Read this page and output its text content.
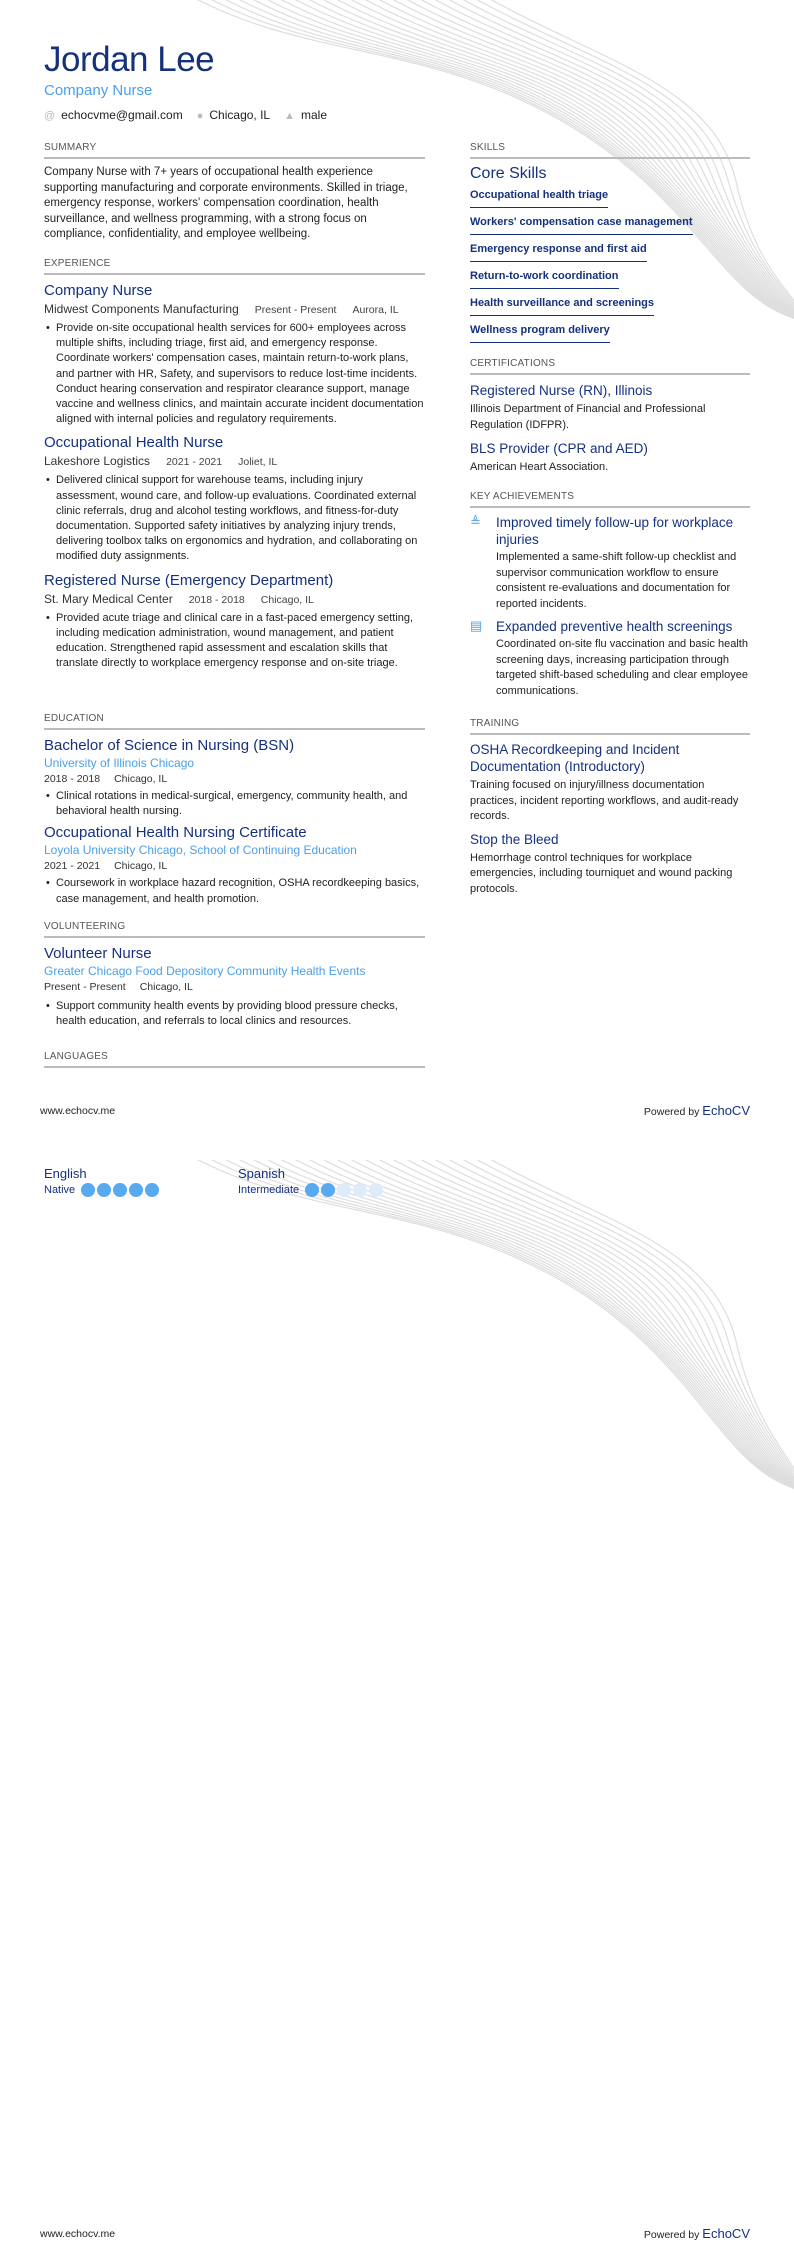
Jordan Lee
Company Nurse
@ echocvme@gmail.com ● Chicago, IL ▲ male
SUMMARY
Company Nurse with 7+ years of occupational health experience supporting manufacturing and corporate environments. Skilled in triage, emergency response, workers' compensation coordination, health surveillance, and wellness programming, with a strong focus on compliance, confidentiality, and employee wellbeing.
EXPERIENCE
Company Nurse
Midwest Components Manufacturing Present - Present Aurora, IL
• Provide on-site occupational health services for 600+ employees across multiple shifts, including triage, first aid, and emergency response. Coordinate workers' compensation cases, maintain return-to-work plans, and partner with HR, Safety, and supervisors to reduce lost-time incidents. Conduct hearing conservation and respirator clearance support, manage vaccine and wellness clinics, and maintain accurate incident documentation aligned with internal policies and regulatory requirements.
Occupational Health Nurse
Lakeshore Logistics 2021 - 2021 Joliet, IL
• Delivered clinical support for warehouse teams, including injury assessment, wound care, and follow-up evaluations. Coordinated external clinic referrals, drug and alcohol testing workflows, and fitness-for-duty documentation. Supported safety initiatives by analyzing injury trends, delivering toolbox talks on ergonomics and hydration, and collaborating on modified duty assignments.
Registered Nurse (Emergency Department)
St. Mary Medical Center 2018 - 2018 Chicago, IL
• Provided acute triage and clinical care in a fast-paced emergency setting, including medication administration, wound management, and patient education. Strengthened rapid assessment and escalation skills that translate directly to workplace emergency response and on-site triage.
EDUCATION
Bachelor of Science in Nursing (BSN)
University of Illinois Chicago
2018 - 2018 Chicago, IL
• Clinical rotations in medical-surgical, emergency, community health, and behavioral health nursing.
Occupational Health Nursing Certificate
Loyola University Chicago, School of Continuing Education
2021 - 2021 Chicago, IL
• Coursework in workplace hazard recognition, OSHA recordkeeping basics, case management, and health promotion.
VOLUNTEERING
Volunteer Nurse
Greater Chicago Food Depository Community Health Events
Present - Present Chicago, IL
• Support community health events by providing blood pressure checks, health education, and referrals to local clinics and resources.
LANGUAGES
www.echocv.me	Powered by EchoCV
English
Native
Spanish
Intermediate
SKILLS
Core Skills
Occupational health triage
Workers' compensation case management
Emergency response and first aid
Return-to-work coordination
Health surveillance and screenings
Wellness program delivery
CERTIFICATIONS
Registered Nurse (RN), Illinois
Illinois Department of Financial and Professional Regulation (IDFPR).
BLS Provider (CPR and AED)
American Heart Association.
KEY ACHIEVEMENTS
≜	Improved timely follow-up for workplace injuries
Implemented a same-shift follow-up checklist and supervisor communication workflow to ensure consistent re-evaluations and documentation for reported incidents.
▤ Expanded preventive health screenings
Coordinated on-site flu vaccination and basic health screening days, increasing participation through targeted shift-based scheduling and clear employee communications.
TRAINING
OSHA Recordkeeping and Incident Documentation (Introductory)
Training focused on injury/illness documentation practices, incident reporting workflows, and audit-ready records.
Stop the Bleed
Hemorrhage control techniques for workplace emergencies, including tourniquet and wound packing protocols.
www.echocv.me	Powered by EchoCV
